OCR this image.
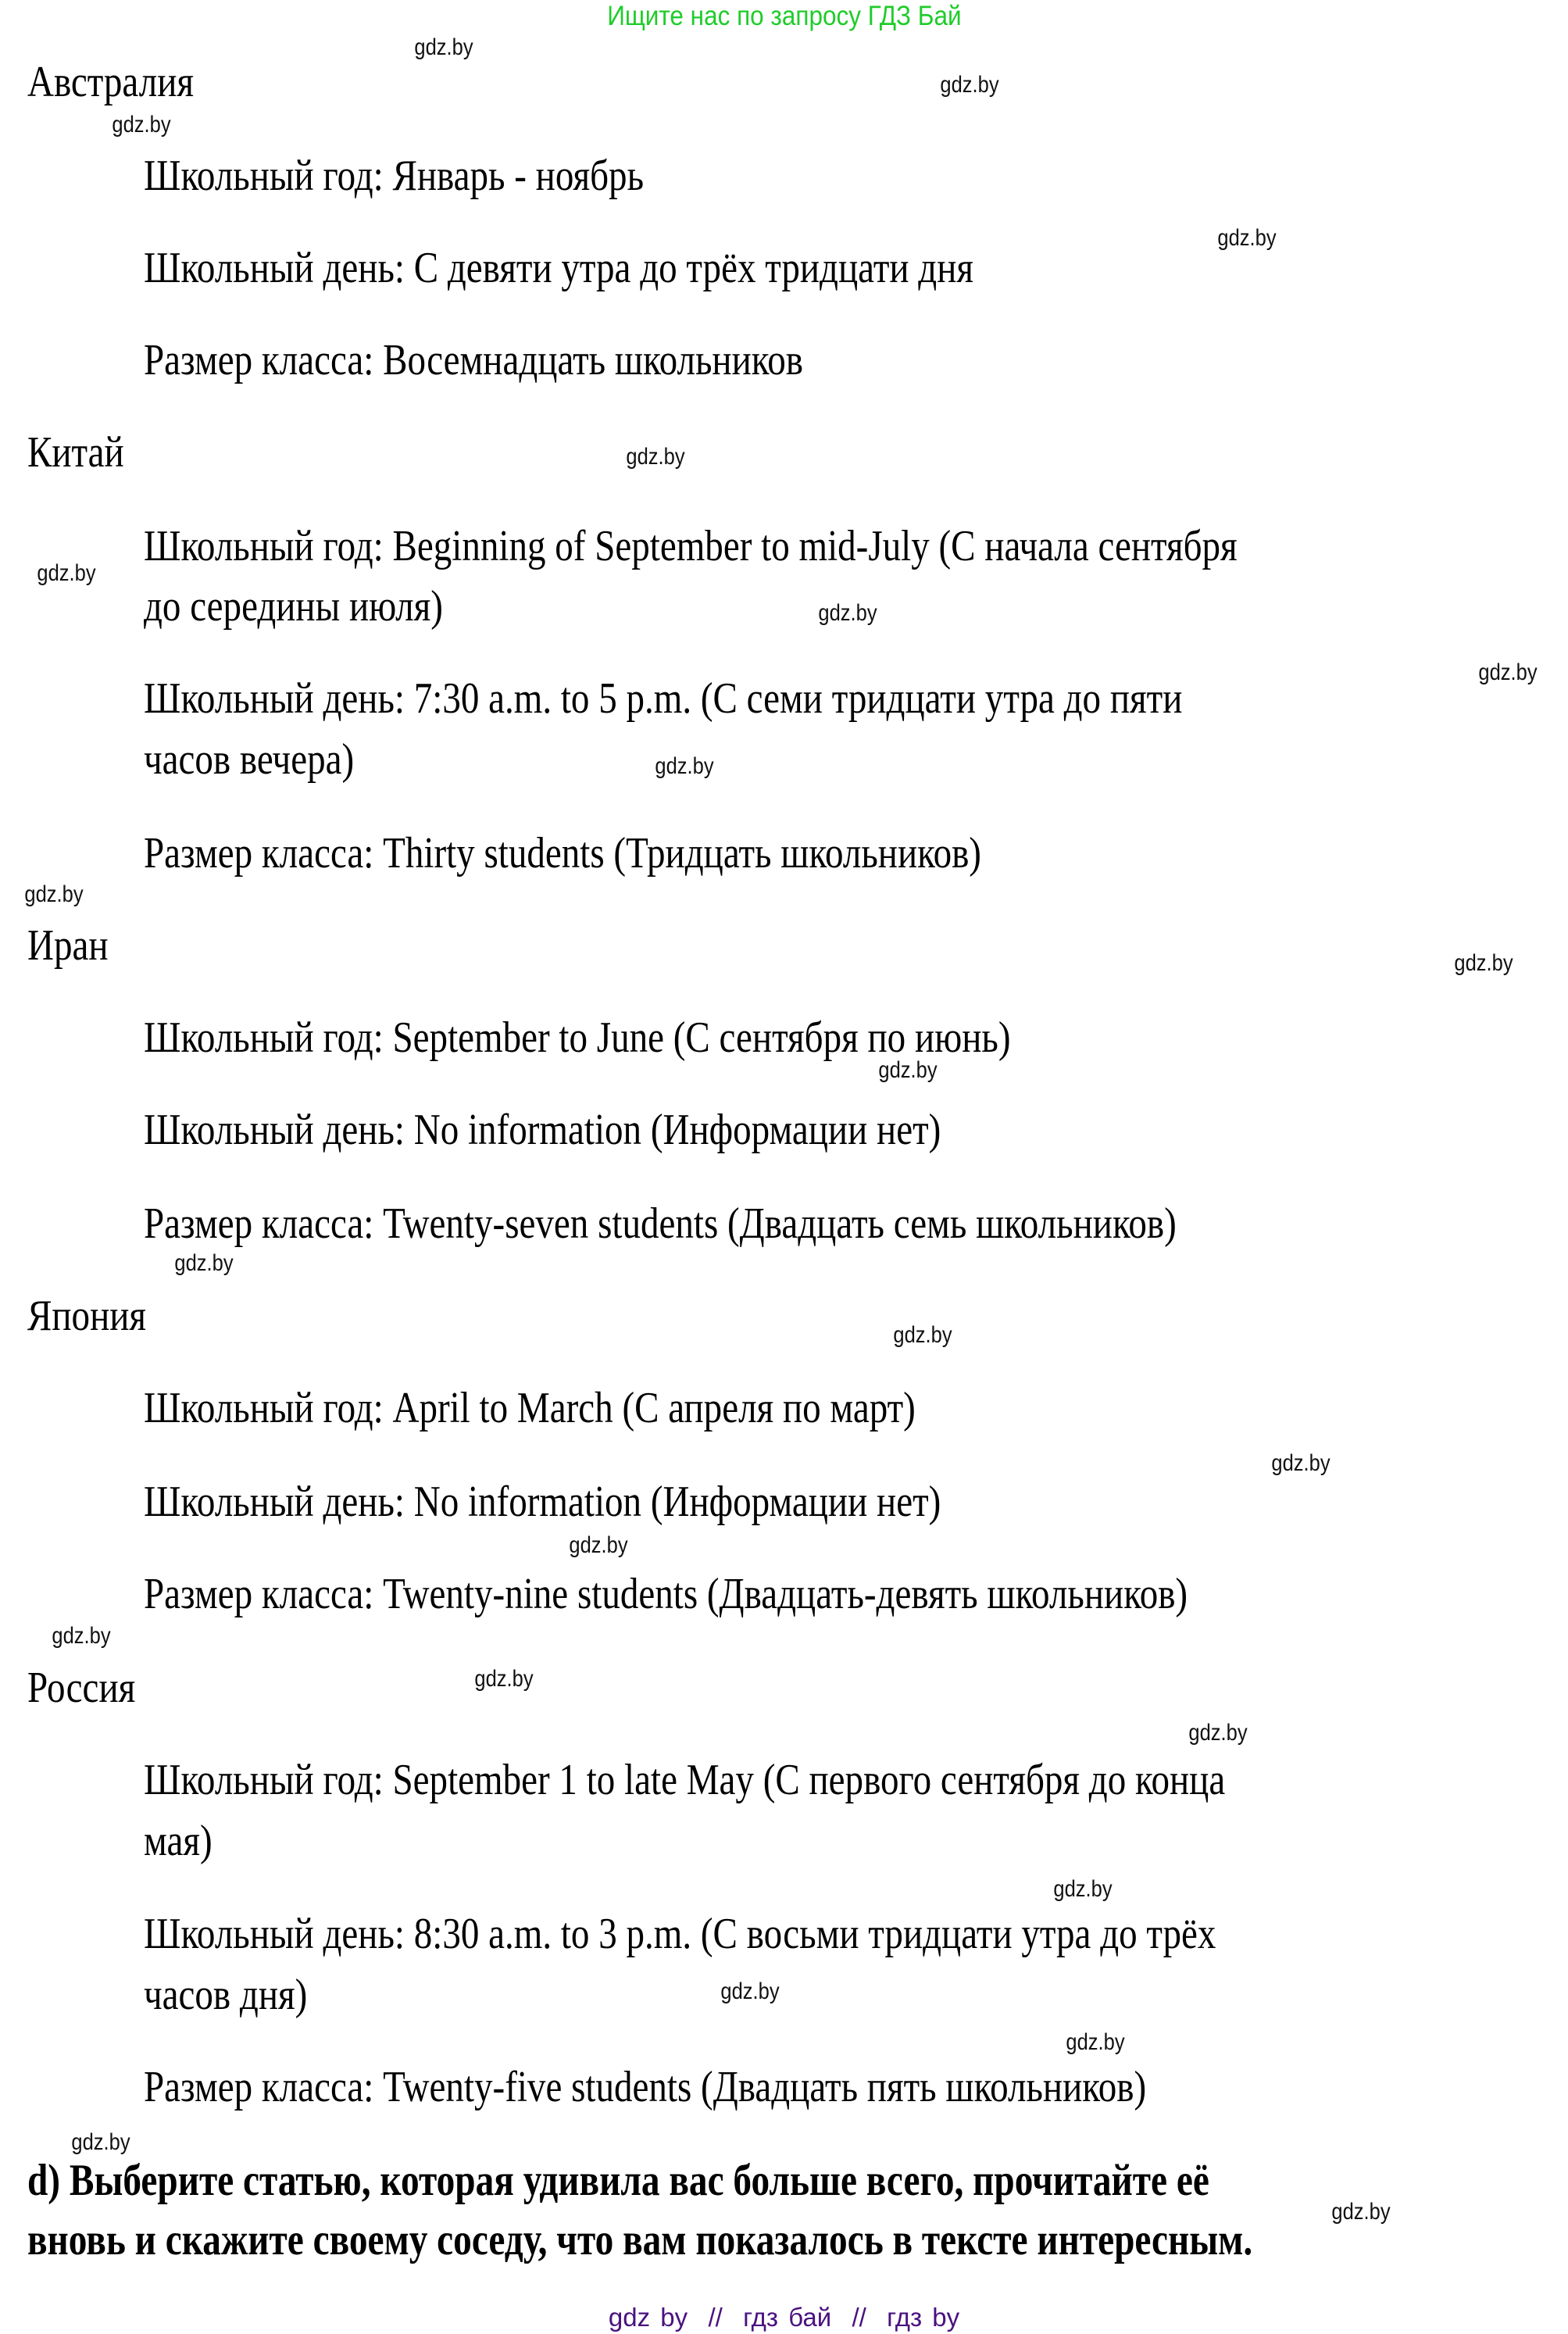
Ищите нас по запросу ГДЗ Бай
Австралия
Школьный год: Январь - ноябрь
Школьный день: С девяти утра до трёх тридцати дня
Размер класса: Восемнадцать школьников
Китай
Школьный год: Beginning of September to mid-July (С начала сентября
до середины июля)
Школьный день: 7:30 a.m. to 5 p.m. (С семи тридцати утра до пяти
часов вечера)
Размер класса: Thirty students (Тридцать школьников)
Иран
Школьный год: September to June (С сентября по июнь)
Школьный день: No information (Информации нет)
Размер класса: Twenty-seven students (Двадцать семь школьников)
Япония
Школьный год: April to March (С апреля по март)
Школьный день: No information (Информации нет)
Размер класса: Twenty-nine students (Двадцать-девять школьников)
Россия
Школьный год: September 1 to late May (С первого сентября до конца
мая)
Школьный день: 8:30 a.m. to 3 p.m. (С восьми тридцати утра до трёх
часов дня)
Размер класса: Twenty-five students (Двадцать пять школьников)
d) Выберите статью, которая удивила вас больше всего, прочитайте её
вновь и скажите своему соседу, что вам показалось в тексте интересным.
gdz.by
gdz.by
gdz.by
gdz.by
gdz.by
gdz.by
gdz.by
gdz.by
gdz.by
gdz.by
gdz.by
gdz.by
gdz.by
gdz.by
gdz.by
gdz.by
gdz.by
gdz.by
gdz.by
gdz.by
gdz.by
gdz.by
gdz.by
gdz.by
gdz by  //  гдз бай  //  гдз by
